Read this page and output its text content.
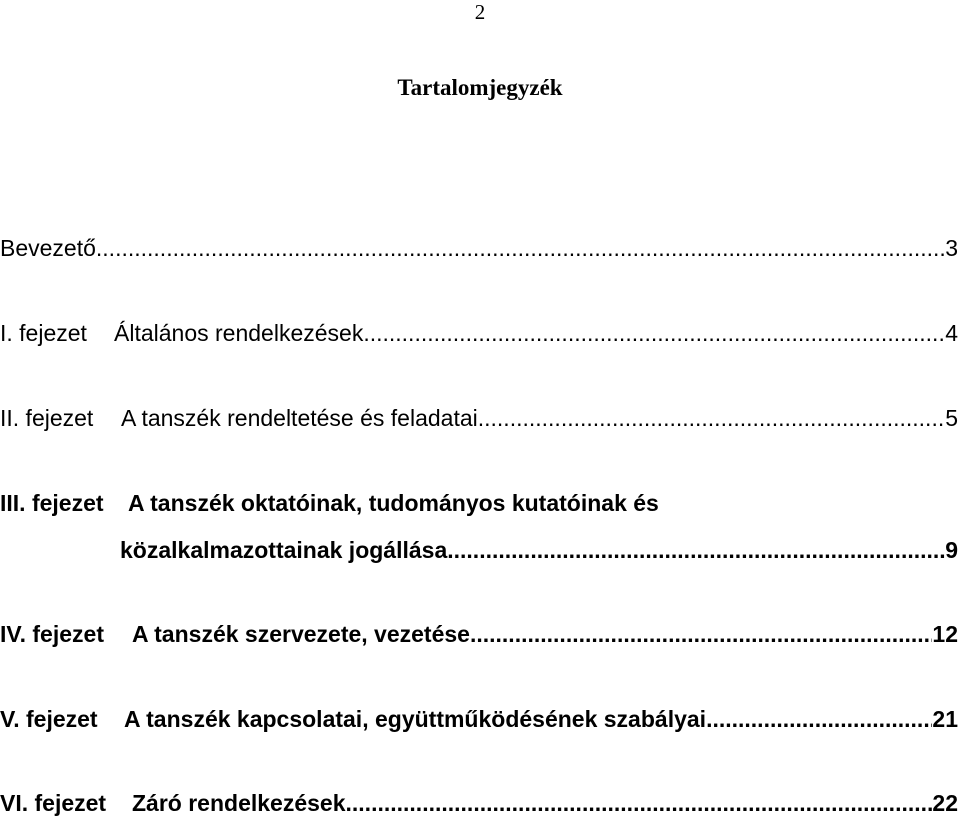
2
Tartalomjegyzék
Bevezető .....	3
I. fejezet	Általános rendelkezések .....	4
II. fejezet	A tanszék rendeltetése és feladatai .....	5
III. fejezet A tanszék oktatóinak, tudományos kutatóinak és
közalkalmazottainak jogállása .....	9
IV. fejezet	A tanszék szervezete, vezetése .....	12
V. fejezet	A tanszék kapcsolatai, együttműködésének szabályai .....	21
VI. fejezet	Záró rendelkezések .....	22
